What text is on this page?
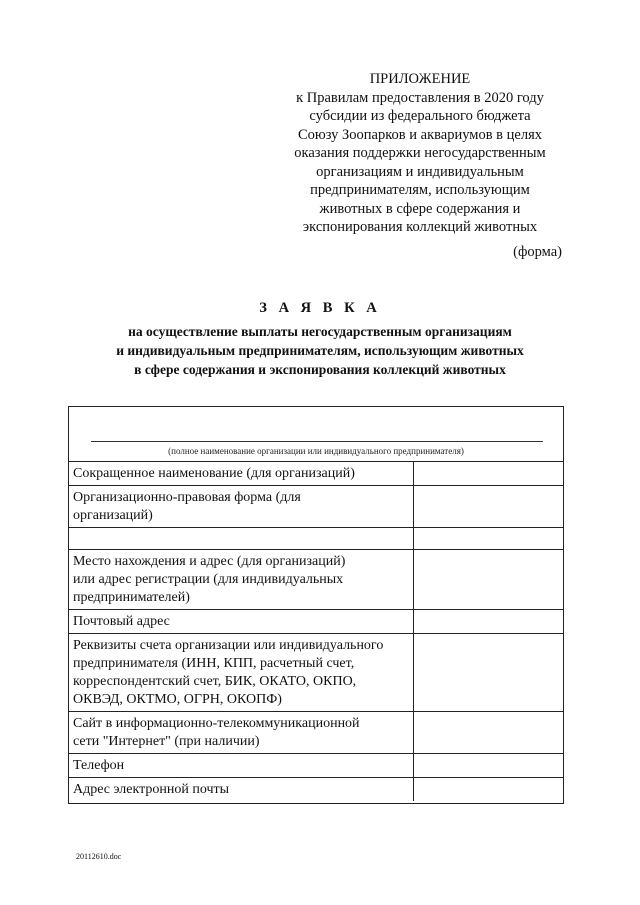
ПРИЛОЖЕНИЕ
к Правилам предоставления в 2020 году
субсидии из федерального бюджета
Союзу Зоопарков и аквариумов в целях
оказания поддержки негосударственным
организациям и индивидуальным
предпринимателям, использующим
животных в сфере содержания и
экспонирования коллекций животных
(форма)
З А Я В К А
на осуществление выплаты негосударственным организациям
и индивидуальным предпринимателям, использующим животных
в сфере содержания и экспонирования коллекций животных
(полное наименование организации или индивидуального предпринимателя)
Сокращенное наименование (для организаций)	

Организационно-правовая форма (для
организаций)	

Место нахождения и адрес (для организаций)
или адрес регистрации (для индивидуальных
предпринимателей)	

Почтовый адрес	

Реквизиты счета организации или индивидуального
предпринимателя (ИНН, КПП, расчетный счет,
корреспондентский счет, БИК, ОКАТО, ОКПО,
ОКВЭД, ОКТМО, ОГРН, ОКОПФ)	

Сайт в информационно-телекоммуникационной
сети "Интернет" (при наличии)	

Телефон	

Адрес электронной почты	

20112610.doc
